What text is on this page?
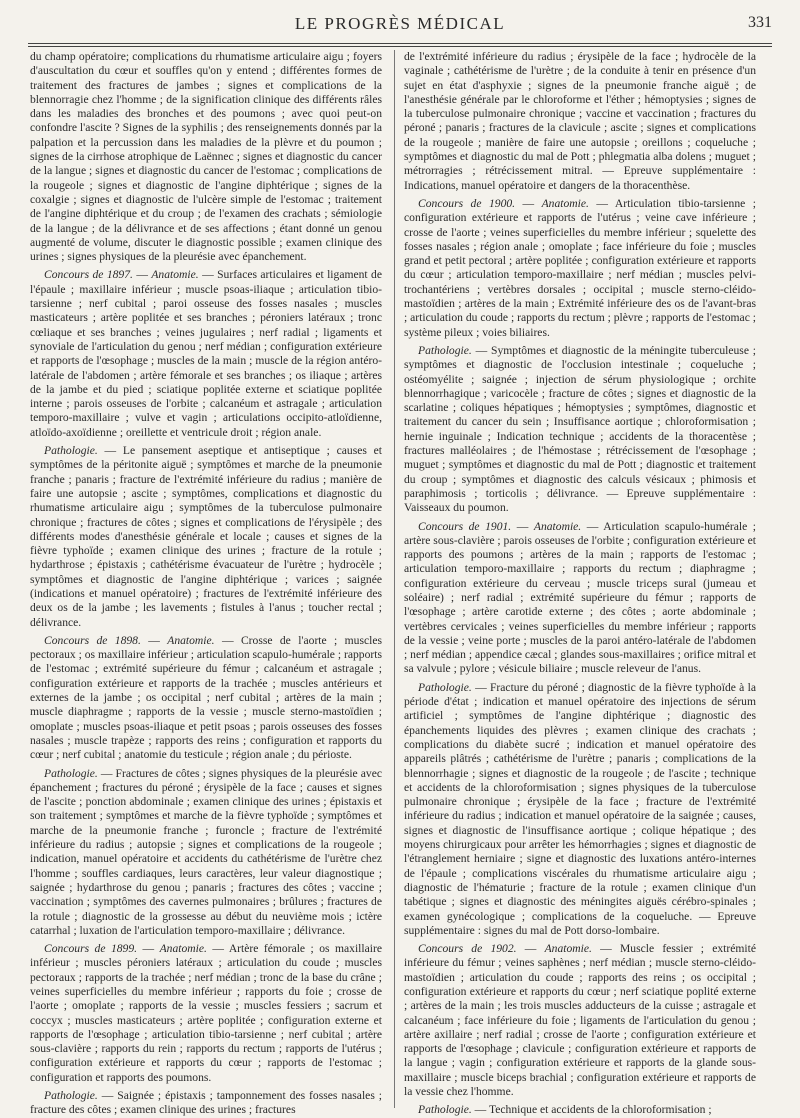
LE PROGRÈS MÉDICAL	331

du champ opératoire; complications du rhumatisme articulaire aigu ; foyers d'auscultation du cœur et souffles qu'on y entend ; différentes formes de traitement des fractures de jambes ; signes et complications de la blennorragie chez l'homme ; de la signification clinique des différents râles dans les maladies des bronches et des poumons ; avec quoi peut-on confondre l'ascite ? Signes de la syphilis ; des renseignements donnés par la palpation et la percussion dans les maladies de la plèvre et du poumon ; signes de la cirrhose atrophique de Laënnec ; signes et diagnostic du cancer de la langue ; signes et diagnostic du cancer de l'estomac ; complications de la rougeole ; signes et diagnostic de l'angine diphtérique ; signes de la coxalgie ; signes et diagnostic de l'ulcère simple de l'estomac ; traitement de l'angine diphtérique et du croup ; de l'examen des crachats ; sémiologie de la langue ; de la délivrance et de ses affections ; étant donné un genou augmenté de volume, discuter le diagnostic possible ; examen clinique des urines ; signes physiques de la pleurésie avec épanchement.

Concours de 1897. — Anatomie. — Surfaces articulaires et ligament de l'épaule ; maxillaire inférieur ; muscle psoas-iliaque ; articulation tibio-tarsienne ; nerf cubital ; paroi osseuse des fosses nasales ; muscles masticateurs ; artère poplitée et ses branches ; péroniers latéraux ; tronc cœliaque et ses branches ; veines jugulaires ; nerf radial ; ligaments et synoviale de l'articulation du genou ; nerf médian ; configuration extérieure et rapports de l'œsophage ; muscles de la main ; muscle de la région antéro-latérale de l'abdomen ; artère fémorale et ses branches ; os iliaque ; artères de la jambe et du pied ; sciatique poplitée externe et sciatique poplitée interne ; parois osseuses de l'orbite ; calcanéum et astragale ; articulation temporo-maxillaire ; vulve et vagin ; articulations occipito-atloïdienne, atloïdo-axoïdienne ; oreillette et ventricule droit ; région anale.

Pathologie. — Le pansement aseptique et antiseptique ; causes et symptômes de la péritonite aiguë ; symptômes et marche de la pneumonie franche ; panaris ; fracture de l'extrémité inférieure du radius ; manière de faire une autopsie ; ascite ; symptômes, complications et diagnostic du rhumatisme articulaire aigu ; symptômes de la tuberculose pulmonaire chronique ; fractures de côtes ; signes et complications de l'érysipèle ; des différents modes d'anesthésie générale et locale ; causes et signes de la fièvre typhoïde ; examen clinique des urines ; fracture de la rotule ; hydarthrose ; épistaxis ; cathétérisme évacuateur de l'urètre ; hydrocèle ; symptômes et diagnostic de l'angine diphtérique ; varices ; saignée (indications et manuel opératoire) ; fractures de l'extrémité inférieure des deux os de la jambe ; les lavements ; fistules à l'anus ; toucher rectal ; délivrance.

Concours de 1898. — Anatomie. — Crosse de l'aorte ; muscles pectoraux ; os maxillaire inférieur ; articulation scapulo-humérale ; rapports de l'estomac ; extrémité supérieure du fémur ; calcanéum et astragale ; configuration extérieure et rapports de la trachée ; muscles antérieurs et externes de la jambe ; os occipital ; nerf cubital ; artères de la main ; muscle diaphragme ; rapports de la vessie ; muscle sterno-mastoïdien ; omoplate ; muscles psoas-iliaque et petit psoas ; parois osseuses des fosses nasales ; muscle trapèze ; rapports des reins ; configuration et rapports du cœur ; nerf cubital ; anatomie du testicule ; région anale ; du périoste.

Pathologie. — Fractures de côtes ; signes physiques de la pleurésie avec épanchement ; fractures du péroné ; érysipèle de la face ; causes et signes de l'ascite ; ponction abdominale ; examen clinique des urines ; épistaxis et son traitement ; symptômes et marche de la fièvre typhoïde ; symptômes et marche de la pneumonie franche ; furoncle ; fracture de l'extrémité inférieure du radius ; autopsie ; signes et complications de la rougeole ; indication, manuel opératoire et accidents du cathétérisme de l'urètre chez l'homme ; souffles cardiaques, leurs caractères, leur valeur diagnostique ; saignée ; hydarthrose du genou ; panaris ; fractures des côtes ; vaccine ; vaccination ; symptômes des cavernes pulmonaires ; brûlures ; fractures de la rotule ; diagnostic de la grossesse au début du neuvième mois ; ictère catarrhal ; luxation de l'articulation temporo-maxillaire ; délivrance.

Concours de 1899. — Anatomie. — Artère fémorale ; os maxillaire inférieur ; muscles péroniers latéraux ; articulation du coude ; muscles pectoraux ; rapports de la trachée ; nerf médian ; tronc de la base du crâne ; veines superficielles du membre inférieur ; rapports du foie ; crosse de l'aorte ; omoplate ; rapports de la vessie ; muscles fessiers ; sacrum et coccyx ; muscles masticateurs ; artère poplitée ; configuration externe et rapports de l'œsophage ; articulation tibio-tarsienne ; nerf cubital ; artère sous-clavière ; rapports du rein ; rapports du rectum ; rapports de l'utérus ; configuration extérieure et rapports du cœur ; rapports de l'estomac ; configuration et rapports des poumons.

Pathologie. — Saignée ; épistaxis ; tamponnement des fosses nasales ; fracture des côtes ; examen clinique des urines ; fractures

de l'extrémité inférieure du radius ; érysipèle de la face ; hydrocèle de la vaginale ; cathétérisme de l'urètre ; de la conduite à tenir en présence d'un sujet en état d'asphyxie ; signes de la pneumonie franche aiguë ; de l'anesthésie générale par le chloroforme et l'éther ; hémoptysies ; signes de la tuberculose pulmonaire chronique ; vaccine et vaccination ; fractures du péroné ; panaris ; fractures de la clavicule ; ascite ; signes et complications de la rougeole ; manière de faire une autopsie ; oreillons ; coqueluche ; symptômes et diagnostic du mal de Pott ; phlegmatia alba dolens ; muguet ; métrorragies ; rétrécissement mitral. — Epreuve supplémentaire : Indications, manuel opératoire et dangers de la thoracenthèse.

Concours de 1900. — Anatomie. — Articulation tibio-tarsienne ; configuration extérieure et rapports de l'utérus ; veine cave inférieure ; crosse de l'aorte ; veines superficielles du membre inférieur ; squelette des fosses nasales ; région anale ; omoplate ; face inférieure du foie ; muscles grand et petit pectoral ; artère poplitée ; configuration extérieure et rapports du cœur ; articulation temporo-maxillaire ; nerf médian ; muscles pelvi-trochantériens ; vertèbres dorsales ; occipital ; muscle sterno-cléido-mastoïdien ; artères de la main ; Extrémité inférieure des os de l'avant-bras ; articulation du coude ; rapports du rectum ; plèvre ; rapports de l'estomac ; système pileux ; voies biliaires.

Pathologie. — Symptômes et diagnostic de la méningite tuberculeuse ; symptômes et diagnostic de l'occlusion intestinale ; coqueluche ; ostéomyélite ; saignée ; injection de sérum physiologique ; orchite blennorrhagique ; varicocèle ; fracture de côtes ; signes et diagnostic de la scarlatine ; coliques hépatiques ; hémoptysies ; symptômes, diagnostic et traitement du cancer du sein ; Insuffisance aortique ; chloroformisation ; hernie inguinale ; Indication technique ; accidents de la thoracentèse ; fractures malléolaires ; de l'hémostase ; rétrécissement de l'œsophage ; muguet ; symptômes et diagnostic du mal de Pott ; diagnostic et traitement du croup ; symptômes et diagnostic des calculs vésicaux ; phimosis et paraphimosis ; torticolis ; délivrance. — Epreuve supplémentaire : Vaisseaux du poumon.

Concours de 1901. — Anatomie. — Articulation scapulo-humérale ; artère sous-clavière ; parois osseuses de l'orbite ; configuration extérieure et rapports des poumons ; artères de la main ; rapports de l'estomac ; articulation temporo-maxillaire ; rapports du rectum ; diaphragme ; configuration extérieure du cerveau ; muscle triceps sural (jumeau et soléaire) ; nerf radial ; extrémité supérieure du fémur ; rapports de l'œsophage ; artère carotide externe ; des côtes ; aorte abdominale ; vertèbres cervicales ; veines superficielles du membre inférieur ; rapports de la vessie ; veine porte ; muscles de la paroi antéro-latérale de l'abdomen ; nerf médian ; appendice cæcal ; glandes sous-maxillaires ; orifice mitral et sa valvule ; pylore ; vésicule biliaire ; muscle releveur de l'anus.

Pathologie. — Fracture du péroné ; diagnostic de la fièvre typhoïde à la période d'état ; indication et manuel opératoire des injections de sérum artificiel ; symptômes de l'angine diphtérique ; diagnostic des épanchements liquides des plèvres ; examen clinique des crachats ; complications du diabète sucré ; indication et manuel opératoire des appareils plâtrés ; cathétérisme de l'urètre ; panaris ; complications de la blennorrhagie ; signes et diagnostic de la rougeole ; de l'ascite ; technique et accidents de la chloroformisation ; signes physiques de la tuberculose pulmonaire chronique ; érysipèle de la face ; fracture de l'extrémité inférieure du radius ; indication et manuel opératoire de la saignée ; causes, signes et diagnostic de l'insuffisance aortique ; colique hépatique ; des moyens chirurgicaux pour arrêter les hémorrhagies ; signes et diagnostic de l'étranglement herniaire ; signe et diagnostic des luxations antéro-internes de l'épaule ; complications viscérales du rhumatisme articulaire aigu ; diagnostic de l'hématurie ; fracture de la rotule ; examen clinique d'un tabétique ; signes et diagnostic des méningites aiguës cérébro-spinales ; examen gynécologique ; complications de la coqueluche. — Epreuve supplémentaire : signes du mal de Pott dorso-lombaire.

Concours de 1902. — Anatomie. — Muscle fessier ; extrémité inférieure du fémur ; veines saphènes ; nerf médian ; muscle sterno-cléido-mastoïdien ; articulation du coude ; rapports des reins ; os occipital ; configuration extérieure et rapports du cœur ; nerf sciatique poplité externe ; artères de la main ; les trois muscles adducteurs de la cuisse ; astragale et calcanéum ; face inférieure du foie ; ligaments de l'articulation du genou ; artère axillaire ; nerf radial ; crosse de l'aorte ; configuration extérieure et rapports de l'œsophage ; clavicule ; configuration extérieure et rapports de la langue ; vagin ; configuration extérieure et rapports de la glande sous-maxillaire ; muscle biceps brachial ; configuration extérieure et rapports de la vessie chez l'homme.

Pathologie. — Technique et accidents de la chloroformisation ;
